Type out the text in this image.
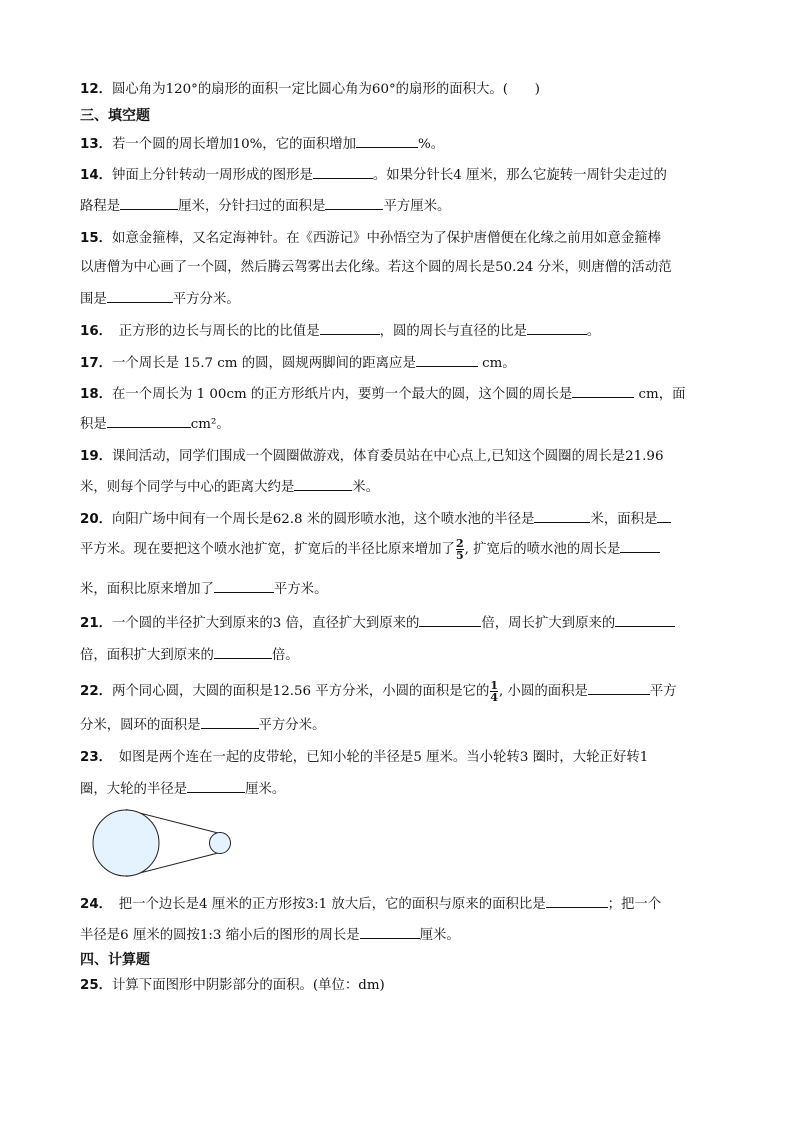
12．圆心角为120°的扇形的面积一定比圆心角为60°的扇形的面积大。(　　)
三、填空题
13．若一个圆的周长增加10%，它的面积增加	%。
14．钟面上分针转动一周形成的图形是	。如果分针长4 厘米，那么它旋转一周针尖走过的
路程是	厘米，分针扫过的面积是	平方厘米。
15．如意金箍棒，又名定海神针。在《西游记》中孙悟空为了保护唐僧便在化缘之前用如意金箍棒
以唐僧为中心画了一个圆，然后腾云驾雾出去化缘。若这个圆的周长是50.24 分米，则唐僧的活动范
围是	平方分米。
16．　正方形的边长与周长的比的比值是	，圆的周长与直径的比是	。
17．一个周长是 15.7 cm 的圆，圆规两脚间的距离应是	cm。
18．在一个周长为 1 00cm 的正方形纸片内，要剪一个最大的圆，这个圆的周长是	cm，面
积是	cm²。
19．课间活动，同学们围成一个圆圈做游戏，体育委员站在中心点上,已知这个圆圈的周长是21.96
米，则每个同学与中心的距离大约是	米。
20．向阳广场中间有一个周长是62.8 米的圆形喷水池，这个喷水池的半径是	米，面积是
平方米。现在要把这个喷水池扩宽，扩宽后的半径比原来增加了 $\frac{2}{5}$ , 扩宽后的喷水池的周长是
米，面积比原来增加了	平方米。
21．一个圆的半径扩大到原来的3 倍，直径扩大到原来的	倍，周长扩大到原来的
倍，面积扩大到原来的	倍。
22．两个同心圆，大圆的面积是12.56 平方分米，小圆的面积是它的 $\frac{1}{4}$ , 小圆的面积是	平方
分米，圆环的面积是	平方分米。
23．　如图是两个连在一起的皮带轮，已知小轮的半径是5 厘米。当小轮转3 圈时，大轮正好转1
圈，大轮的半径是	厘米。
24．　把一个边长是4 厘米的正方形按3:1 放大后，它的面积与原来的面积比是	；把一个
半径是6 厘米的圆按1:3 缩小后的图形的周长是	厘米。
四、计算题
25．计算下面图形中阴影部分的面积。(单位：dm)
